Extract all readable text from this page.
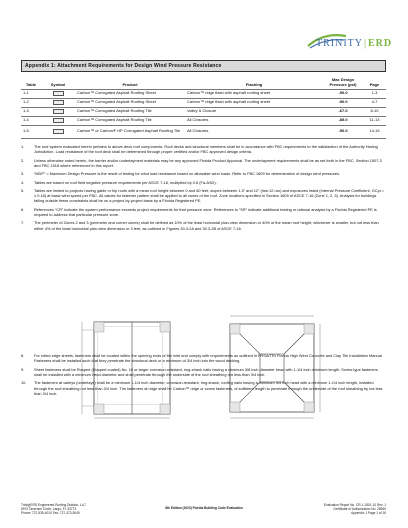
TRINITY|ERD
Appendix 1: Attachment Requirements for Design Wind Pressure Resistance
Table	Symbol	Product	Flashing	Max Design Pressure (psf)	Page
1-1		Carbon™ Corrugated Asphalt Roofing Sheet	Carbon™ ridge flash with asphalt roofing sheet	-90.0	1-3
1-2		Carbon™ Corrugated Asphalt Roofing Sheet	Carbon™ ridge flash with asphalt roofing sheet	-90.0	4-7
1-3		Carbon™ Corrugated Asphalt Roofing Tile	Valley & Closure	-67.0	8-10
1-4		Carbon™ Corrugated Asphalt Roofing Tile	All Closures	-85.0	11-13
1-5		Carbon™ or Carbon® HP Corrugated Asphalt Roofing Tile	All Closures	-90.0	14-16
1.	The roof system evaluated herein pertains to above-deck roof components. Roof decks and structural members shall be in accordance with FBC requirements to the satisfaction of the Authority Having Jurisdiction. Load resistance of the roof deck shall be determined through proper certified and/or FBC approved design criteria.
2.	Unless otherwise noted herein, the barrier and/or underlayment materials may be any approved Florida Product Approval. The underlayment requirements shall be as set forth in the FBC, Section 1507.3 and FBC 1518 where referenced in this report.
3.	“MDP” = Maximum Design Pressure is the result of testing for wind load resistance based on allowable wind loads. Refer to FBC 1609 for determination of design wind pressures.
4.	Tables are based on roof field negative pressure requirements per ASCE 7-16, multiplied by 0.6 (Fa-ASD).
5.	Tables are limited to projects having gable or hip roofs with a mean roof height between 0 and 60 feet, slopes between 1.5” and 12” (rise:12 run) and exposures listed (Internal Pressure Coefficient, GCpi = ± 0.18) at basic wind speed per FBC. All values for fastener pattern shall be applied to all zones of the roof. Zone locations specified in Section 1609 of ASCE 7-16 (Zone 1, 2, 3). Analysis for buildings falling outside these constraints shall be on a project-by-project basis by a Florida Registered PE.
6.	References “CR” indicate the system performance exceeds project requirements for that pressure zone. References to “SR” indicate additional testing or rational analysis by a Florida Registered PE is required to address that particular pressure zone.
7.	The perimeter of Zones 2 and 3 (perimeter and corner zones) shall be defined as 10% of the least horizontal plan-view dimension or 40% of the mean roof height, whichever is smaller, but not less than either 4% of the least horizontal plan-view dimension or 3 feet, as outlined in Figures 30.3-2A and 30.3-2B of ASCE 7-16.
8.	For rolled-edge sheets, fasteners shall be located within the opening ends of the inlet and comply with requirements as outlined in FRSA/TRI Florida High Wind Concrete and Clay Tile Installation Manual. Fasteners shall be installed such that they penetrate the structural deck or a minimum of 3/4 inch into the wood decking.
9.	Sheet fasteners shall be Ruspert (Ruspert coated) No. 10 or larger corrosion-resistant, ring-shank nails having a minimum 3/8 inch diameter head with 1-1/4 inch minimum length. Screw-type fasteners shall be installed with a minimum head diameter and shall penetrate through the underside of the roof sheathing not less than 3/4 inch.
10.	The fasteners at valleys (underlays) shall be a minimum 1-1/4 inch diameter, corrosion-resistant, ring-shank, roofing nails having a minimum 3/4 inch head with a minimum 1-1/4 inch length, installed through the roof sheathing not less than 3/4 inch. The fasteners at ridge shall be Carbon™ ridge or screw fasteners, of sufficient length to penetrate through the underside of the roof sheathing by not less than 3/4 inch.
Trinity|ERD Engineered Roofing Division, LLC
6970 Tavernier Circle, Largo, FL 33773
Phone: 727-535-4010 Fax: 727-373-5049
8th Edition (2023) Florida Building Code Evaluation
Evaluation Report No. CR-1-1801-10 Rev. 1
Certificate of Authorization No. 28560
Appendix 1 Page 1 of 16
